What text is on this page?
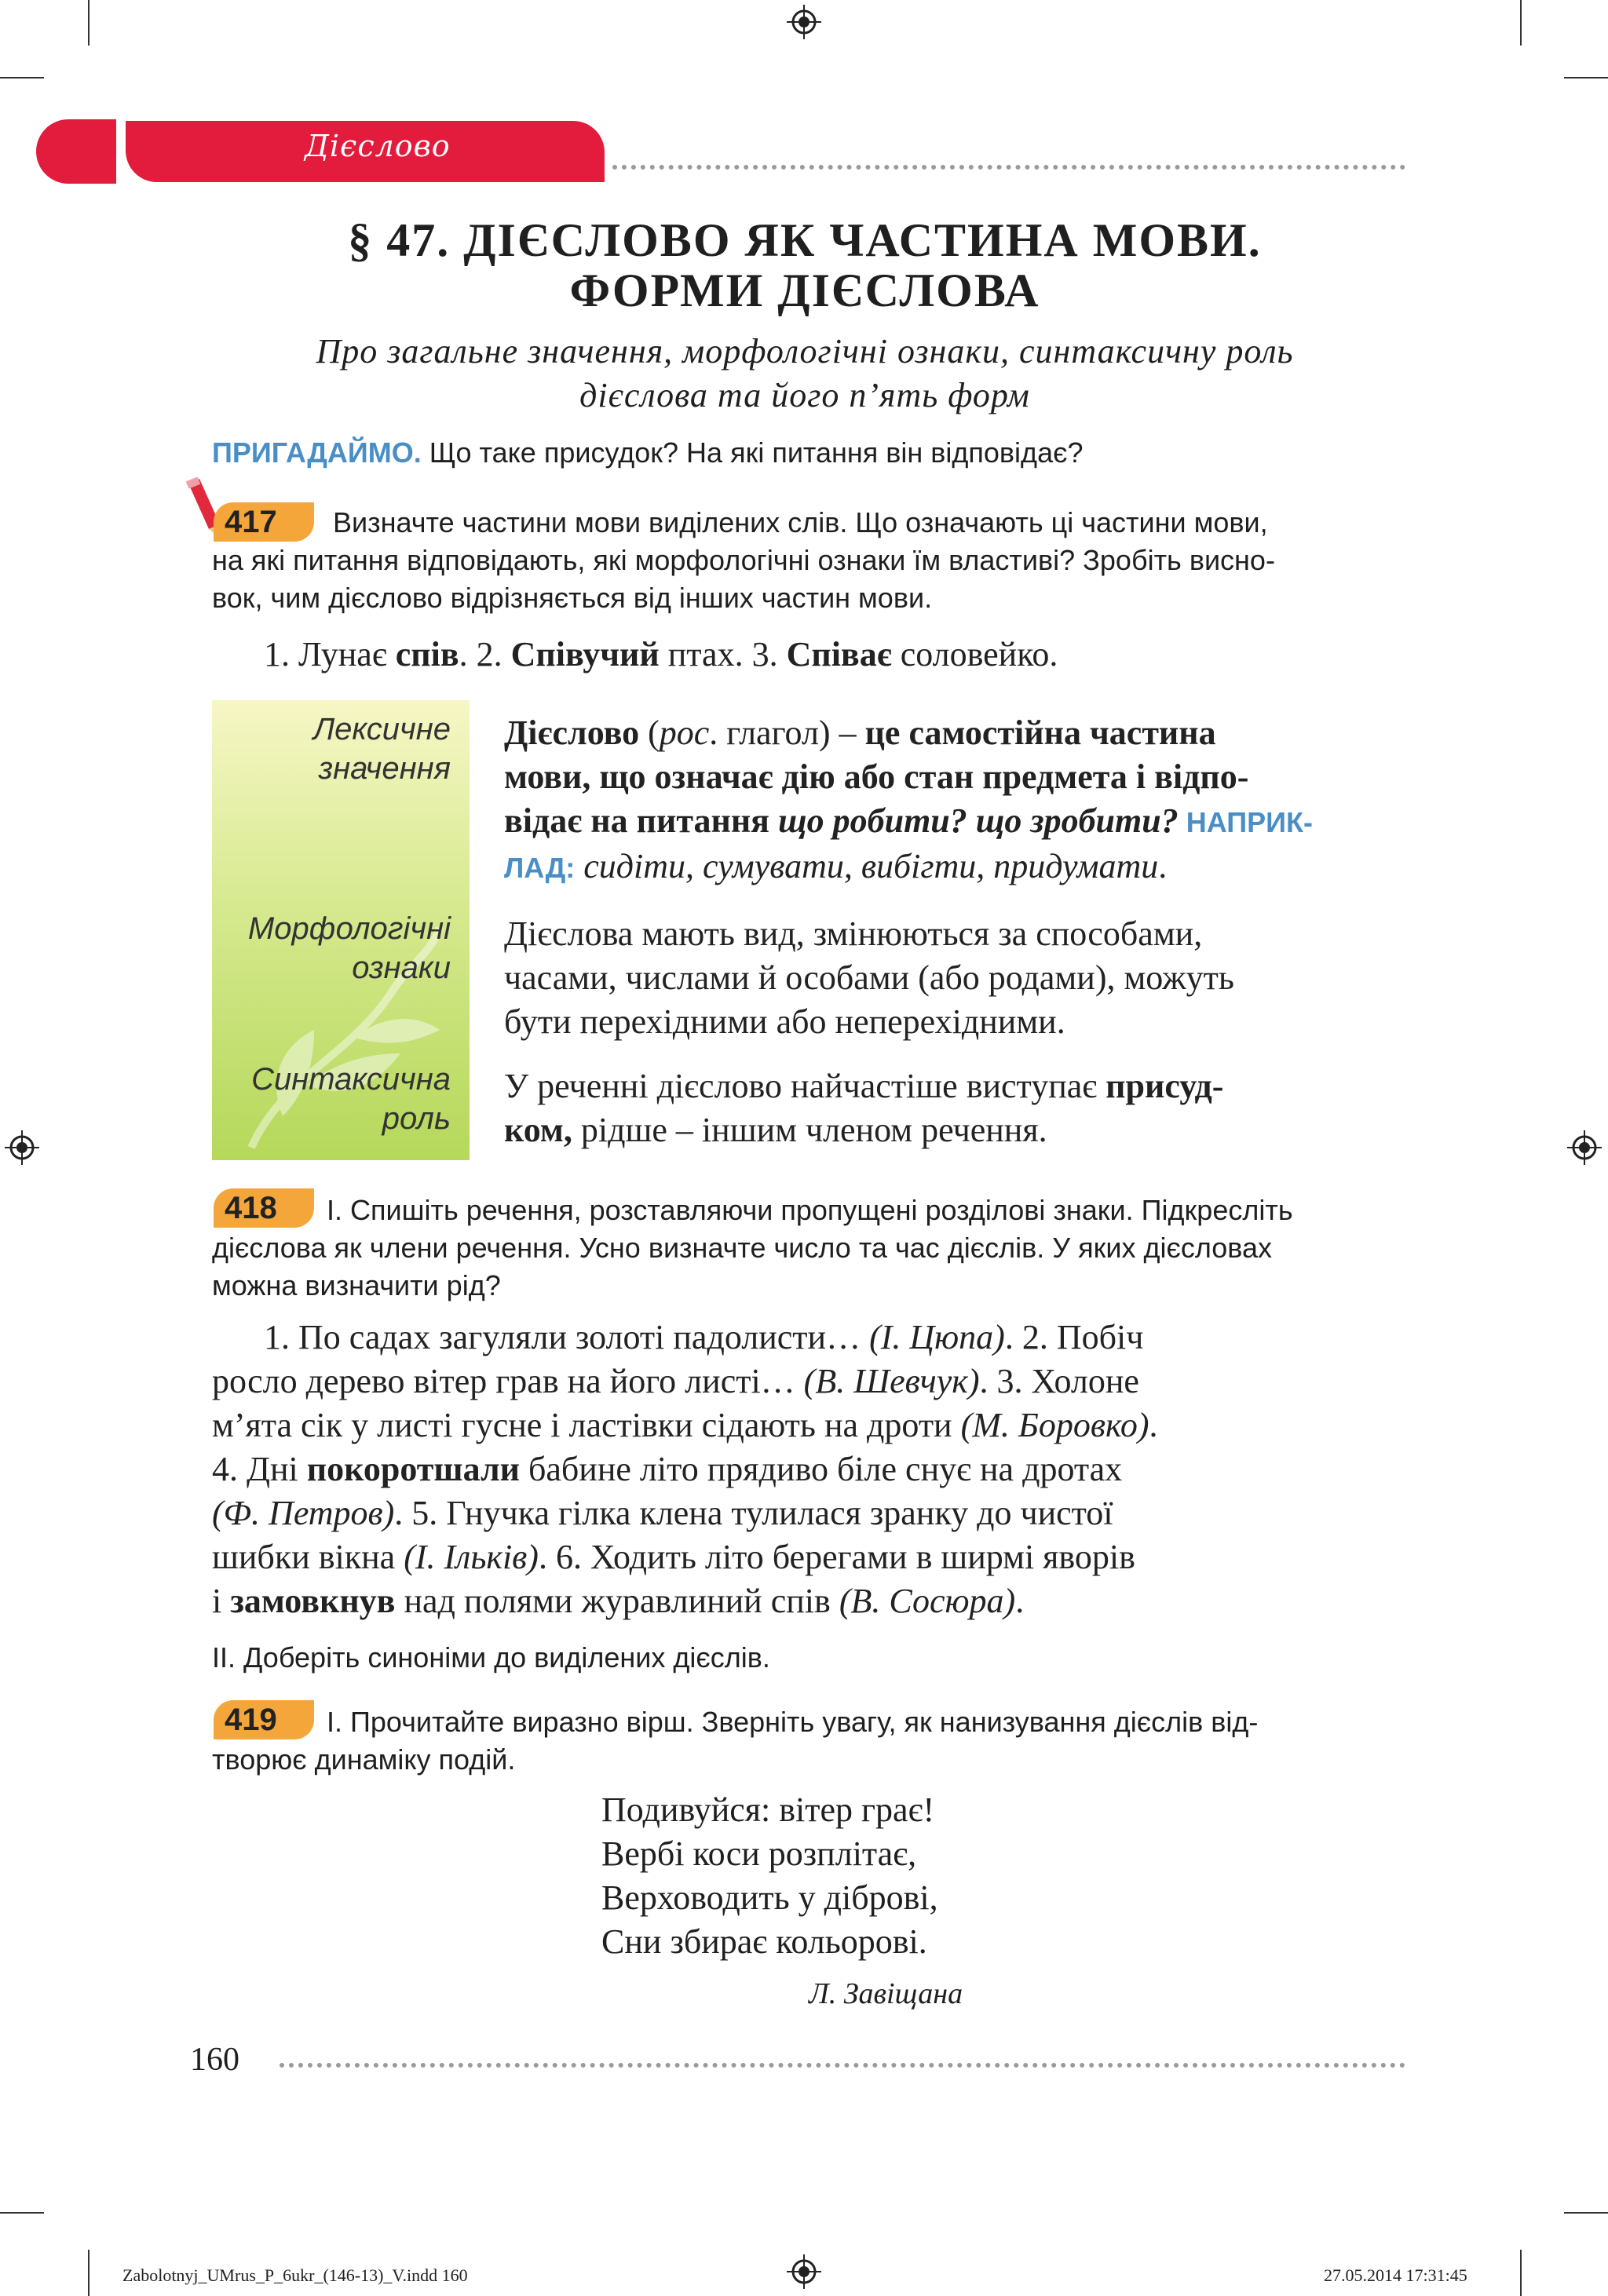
Дієслово
§ 47. ДІЄСЛОВО ЯК ЧАСТИНА МОВИ.
ФОРМИ ДІЄСЛОВА
Про загальне значення, морфологічні ознаки, синтаксичну роль
дієслова та його п’ять форм
ПРИГАДАЙМО. Що таке присудок? На які питання він відповідає?
417	Визначте частини мови виділених слів. Що означають ці частини мови,
на які питання відповідають, які морфологічні ознаки їм властиві? Зробіть висно-
вок, чим дієслово відрізняється від інших частин мови.
1. Лунає спів. 2. Співучий птах. 3. Співає соловейко.
Лексичне
значення
Морфологічні
ознаки
Синтаксична
роль
Дієслово (рос. глагол) – це самостійна частина
мови, що означає дію або стан предмета і відпо-
відає на питання що робити? що зробити? НАПРИК-
ЛАД: сидіти, сумувати, вибігти, придумати.
Дієслова мають вид, змінюються за способами,
часами, числами й особами (або родами), можуть
бути перехідними або неперехідними.
У реченні дієслово найчастіше виступає присуд-
ком, рідше – іншим членом речення.
418	І. Спишіть речення, розставляючи пропущені розділові знаки. Підкресліть
дієслова як члени речення. Усно визначте число та час дієслів. У яких дієсловах
можна визначити рід?
1. По садах загуляли золоті падолисти… (І. Цюпа). 2. Побіч
росло дерево вітер грав на його листі… (В. Шевчук). 3. Холоне
м’ята сік у листі гусне і ластівки сідають на дроти (М. Боровко).
4. Дні покоротшали бабине літо прядиво біле снує на дротах
(Ф. Петров). 5. Гнучка гілка клена тулилася зранку до чистої
шибки вікна (І. Ільків). 6. Ходить літо берегами в ширмі яворів
і замовкнув над полями журавлиний спів (В. Сосюра).
ІІ. Доберіть синоніми до виділених дієслів.
419	І. Прочитайте виразно вірш. Зверніть увагу, як нанизування дієслів від-
творює динаміку подій.
Подивуйся: вітер грає!
Вербі коси розплітає,
Верховодить у діброві,
Сни збирає кольорові.
Л. Завіщана
160
Zabolotnyj_UMrus_P_6ukr_(146-13)_V.indd 160	27.05.2014 17:31:45
